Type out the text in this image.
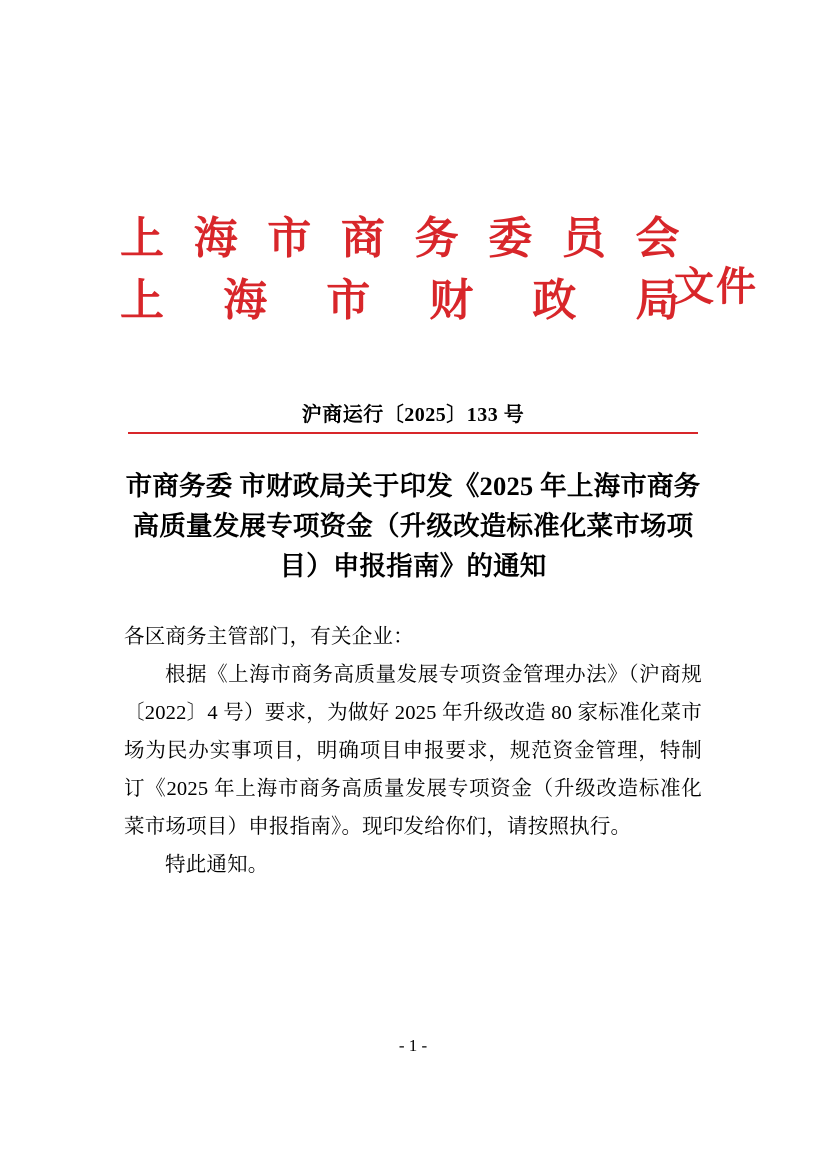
上 海 市 商 务 委 员 会
上 海 市 财 政 局
文件
沪商运行〔2025〕133 号
市商务委 市财政局关于印发《2025 年上海市商务高质量发展专项资金（升级改造标准化菜市场项目）申报指南》的通知

各区商务主管部门，有关企业：

根据《上海市商务高质量发展专项资金管理办法》（沪商规〔2022〕4 号）要求，为做好 2025 年升级改造 80 家标准化菜市场为民办实事项目，明确项目申报要求，规范资金管理，特制订《2025 年上海市商务高质量发展专项资金（升级改造标准化菜市场项目）申报指南》。现印发给你们，请按照执行。

特此通知。

- 1 -
